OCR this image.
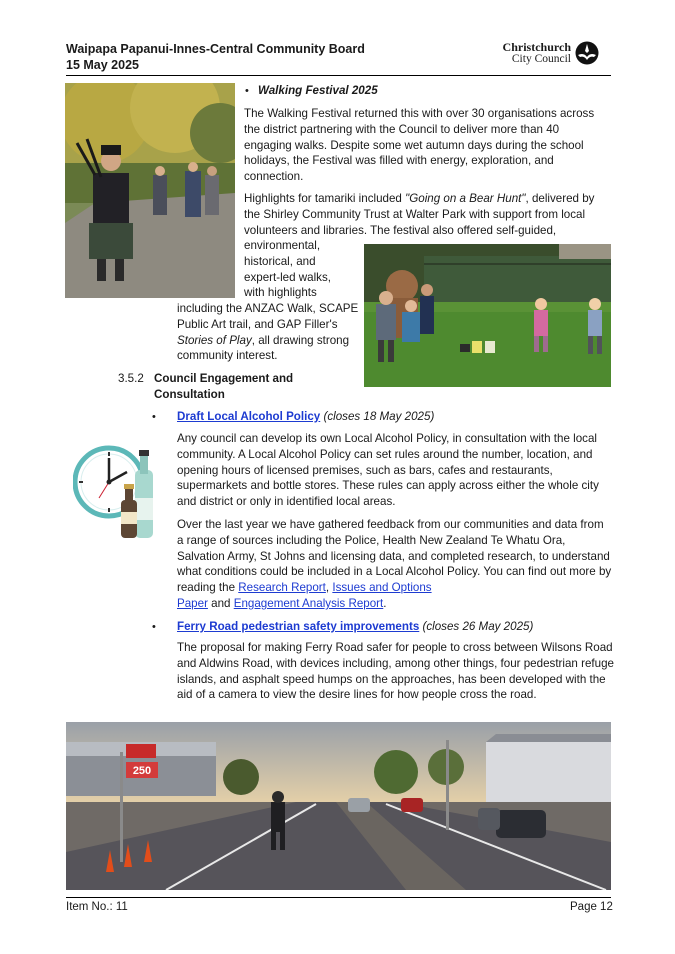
Waipapa Papanui-Innes-Central Community Board
15 May 2025
Christchurch
City Council
• Walking Festival 2025

The Walking Festival returned this with over 30 organisations across the district partnering with the Council to deliver more than 40 engaging walks. Despite some wet autumn days during the school holidays, the Festival was filled with energy, exploration, and connection.

Highlights for tamariki included "Going on a Bear Hunt", delivered by the Shirley Community Trust at Walter Park with support from local volunteers and libraries. The festival also offered self-guided,

environmental,
historical, and
expert-led walks,
with highlights
including the ANZAC Walk, SCAPE
Public Art trail, and GAP Filler's
Stories of Play, all drawing strong
community interest.
3.5.2 Council Engagement and
Consultation
• Draft Local Alcohol Policy (closes 18 May 2025)

Any council can develop its own Local Alcohol Policy, in consultation with the local community. A Local Alcohol Policy can set rules around the number, location, and opening hours of licensed premises, such as bars, cafes and restaurants, supermarkets and bottle stores. These rules can apply across either the whole city and district or only in identified local areas.

Over the last year we have gathered feedback from our communities and data from a range of sources including the Police, Health New Zealand Te Whatu Ora, Salvation Army, St Johns and licensing data, and completed research, to understand what conditions could be included in a Local Alcohol Policy. You can find out more by reading the Research Report, Issues and Options
Paper and Engagement Analysis Report.

• Ferry Road pedestrian safety improvements (closes 26 May 2025)

The proposal for making Ferry Road safer for people to cross between Wilsons Road and Aldwins Road, with devices including, among other things, four pedestrian refuge islands, and asphalt speed humps on the approaches, has been developed with the aid of a camera to view the desire lines for how people cross the road.

250
Item No.: 11	Page 12
